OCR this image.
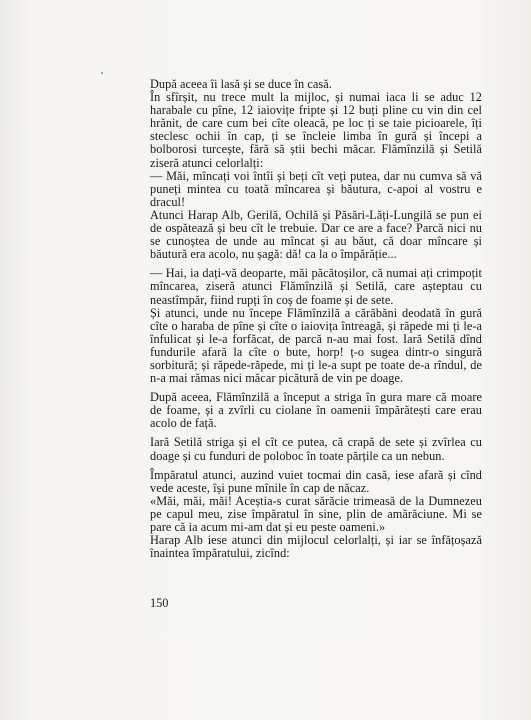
După aceea îi lasă și se duce în casă.

În sfîrșit, nu trece mult la mijloc, și numai iaca li se aduc 12 harabale cu pîne, 12 iaiovițe fripte și 12 buți pline cu vin din cel hrănit, de care cum bei cîte oleacă, pe loc ți se taie picioarele, îți steclesc ochii în cap, ți se încleie limba în gură și începi a bolborosi turcește, fără să știi bechi măcar. Flămînzilă și Setilă ziseră atunci celorlalți:

— Măi, mîncați voi întîi și beți cît veți putea, dar nu cumva să vă puneți mintea cu toată mîncarea și băutura, c-apoi al vostru e dracul!

Atunci Harap Alb, Gerilă, Ochilă și Păsări-Lăți-Lungilă se pun ei de ospătează și beu cît le trebuie. Dar ce are a face? Parcă nici nu se cunoștea de unde au mîncat și au băut, că doar mîncare și băutură era acolo, nu șagă: dă! ca la o împărăție...

— Hai, ia dați-vă deoparte, măi păcătoșilor, că numai ați crimpoțit mîncarea, ziseră atunci Flămînzilă și Setilă, care așteptau cu neastîmpăr, fiind rupți în coș de foame și de sete.

Și atunci, unde nu începe Flămînzilă a cărăbăni deodată în gură cîte o haraba de pîne și cîte o iaiovița întreagă, și răpede mi ți le-a înfulicat și le-a forfăcat, de parcă n-au mai fost. Iară Setilă dînd fundurile afară la cîte o bute, horp! ț-o sugea dintr-o singură sorbitură; și răpede-răpede, mi ți le-a supt pe toate de-a rîndul, de n-a mai rămas nici măcar picătură de vin pe doage.

După aceea, Flămînzilă a început a striga în gura mare că moare de foame, și a zvîrli cu ciolane în oamenii împărătești care erau acolo de față.

Iară Setilă striga și el cît ce putea, că crapă de sete și zvîrlea cu doage și cu funduri de poloboc în toate părțile ca un nebun.

Împăratul atunci, auzind vuiet tocmai din casă, iese afară și cînd vede aceste, își pune mînile în cap de năcaz.

«Măi, măi, măi! Aceștia-s curat sărăcie trimeasă de la Dumnezeu pe capul meu, zise împăratul în sine, plin de amărăciune. Mi se pare că ia acum mi-am dat și eu peste oameni.»

Harap Alb iese atunci din mijlocul celorlalți, și iar se înfățoșază înaintea împăratului, zicînd:

150
